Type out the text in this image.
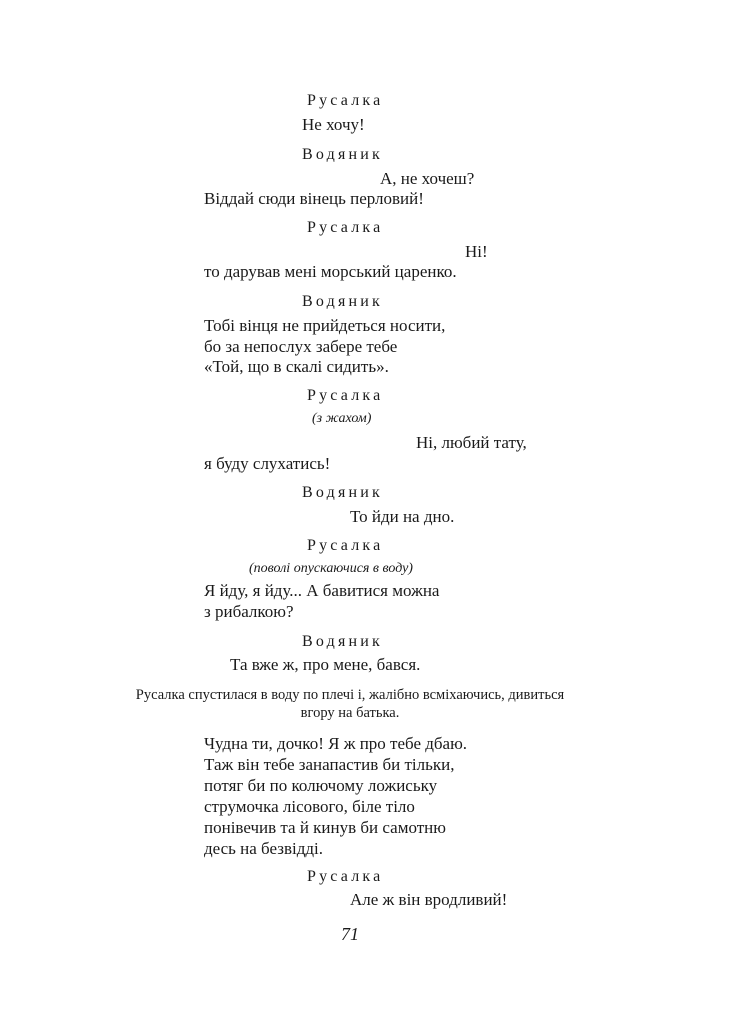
Русалка спустилася в воду по плечі і, жалібно всміхаючись, дивиться
вгору на батька.
71
Русалка
Не хочу!
Водяник
А, не хочеш?
Віддай сюди вінець перловий!
Русалка
Ні!
то дарував мені морський царенко.
Водяник
Тобі вінця не прийдеться носити,
бо за непослух забере тебе
«Той, що в скалі сидить».
Русалка
(з жахом)
Ні, любий тату,
я буду слухатись!
Водяник
То йди на дно.
Русалка
(поволі опускаючися в воду)
Я йду, я йду... А бавитися можна
з рибалкою?
Водяник
Та вже ж, про мене, бався.
Чудна ти, дочко! Я ж про тебе дбаю.
Таж він тебе занапастив би тільки,
потяг би по колючому ложиську
струмочка лісового, біле тіло
понівечив та й кинув би самотню
десь на безвідді.
Русалка
Але ж він вродливий!
